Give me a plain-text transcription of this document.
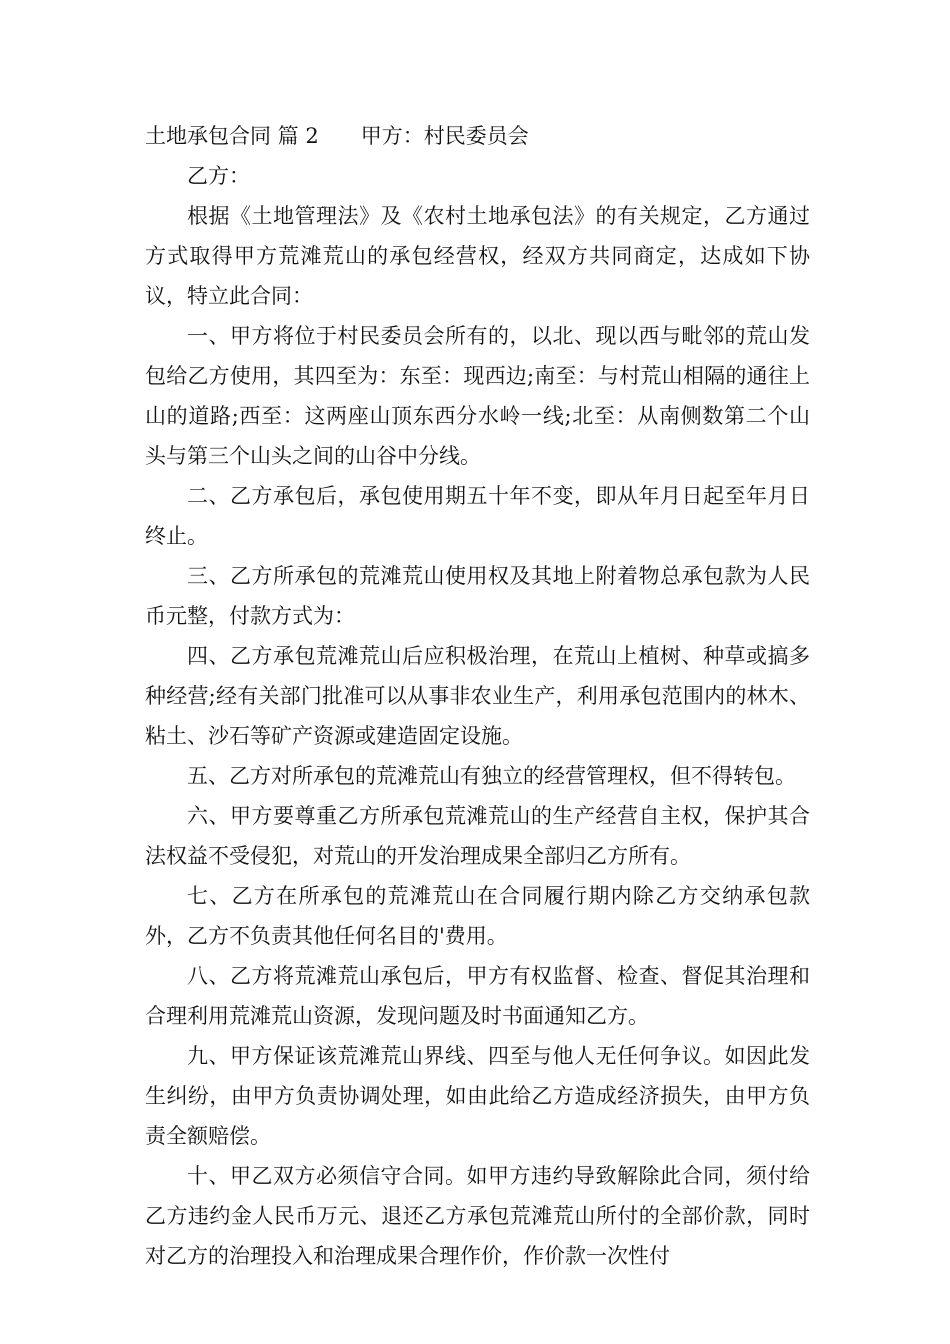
土地承包合同 篇 2 甲方：村民委员会

乙方：

根据《土地管理法》及《农村土地承包法》的有关规定，乙方通过方式取得甲方荒滩荒山的承包经营权，经双方共同商定，达成如下协议，特立此合同：

一、甲方将位于村民委员会所有的，以北、现以西与毗邻的荒山发包给乙方使用，其四至为：东至：现西边;南至：与村荒山相隔的通往上山的道路;西至：这两座山顶东西分水岭一线;北至：从南侧数第二个山头与第三个山头之间的山谷中分线。

二、乙方承包后，承包使用期五十年不变，即从年月日起至年月日终止。

三、乙方所承包的荒滩荒山使用权及其地上附着物总承包款为人民币元整，付款方式为：

四、乙方承包荒滩荒山后应积极治理，在荒山上植树、种草或搞多种经营;经有关部门批准可以从事非农业生产，利用承包范围内的林木、粘土、沙石等矿产资源或建造固定设施。

五、乙方对所承包的荒滩荒山有独立的经营管理权，但不得转包。

六、甲方要尊重乙方所承包荒滩荒山的生产经营自主权，保护其合法权益不受侵犯，对荒山的开发治理成果全部归乙方所有。

七、乙方在所承包的荒滩荒山在合同履行期内除乙方交纳承包款外，乙方不负责其他任何名目的'费用。

八、乙方将荒滩荒山承包后，甲方有权监督、检查、督促其治理和合理利用荒滩荒山资源，发现问题及时书面通知乙方。

九、甲方保证该荒滩荒山界线、四至与他人无任何争议。如因此发生纠纷，由甲方负责协调处理，如由此给乙方造成经济损失，由甲方负责全额赔偿。

十、甲乙双方必须信守合同。如甲方违约导致解除此合同，须付给乙方违约金人民币万元、退还乙方承包荒滩荒山所付的全部价款，同时对乙方的治理投入和治理成果合理作价，作价款一次性付
